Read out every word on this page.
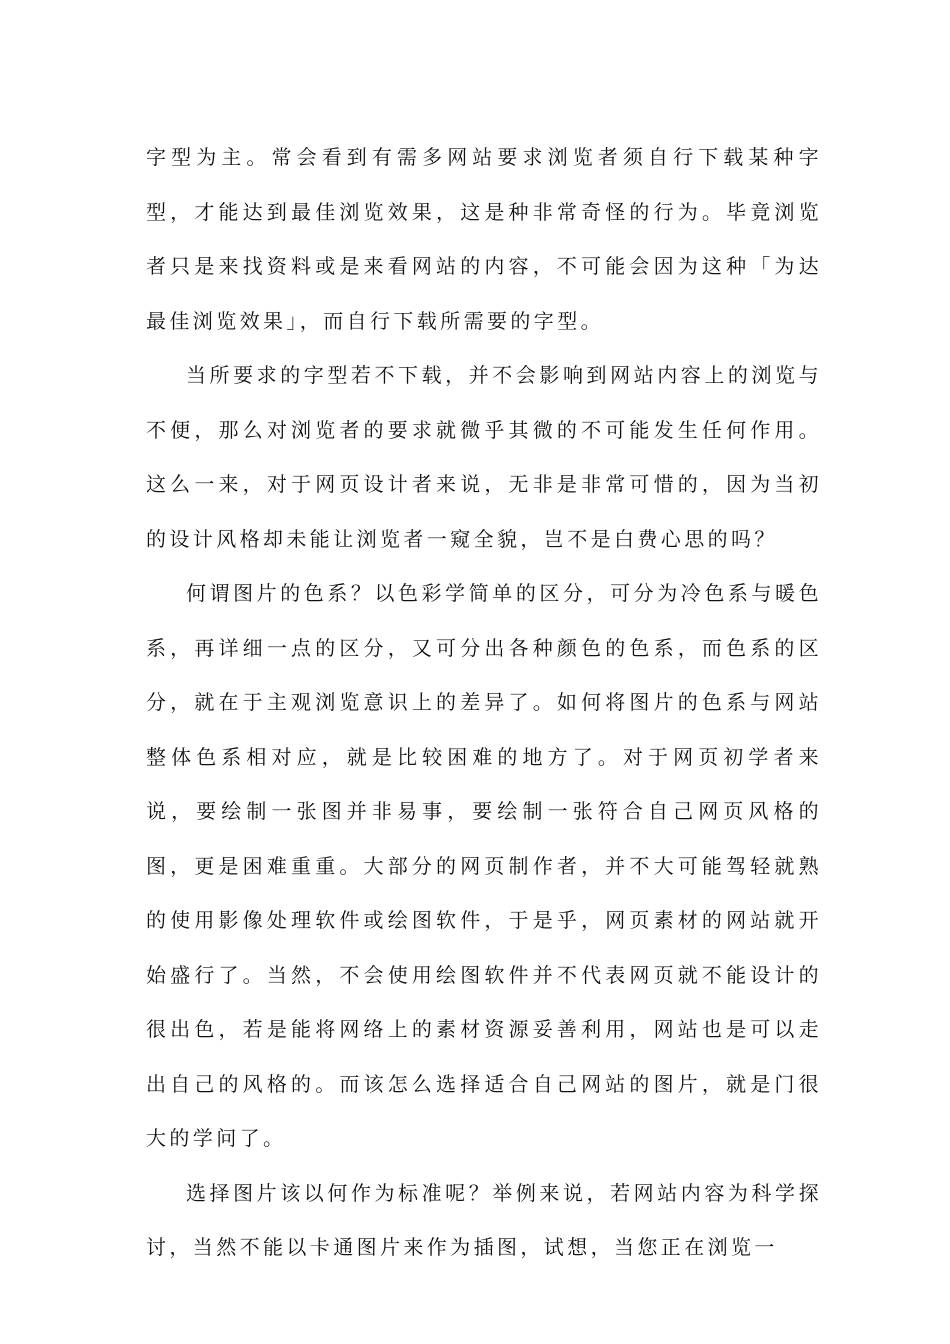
字型为主。常会看到有需多网站要求浏览者须自行下载某种字型，才能达到最佳浏览效果，这是种非常奇怪的行为。毕竟浏览者只是来找资料或是来看网站的内容，不可能会因为这种「为达最佳浏览效果」，而自行下载所需要的字型。

当所要求的字型若不下载，并不会影响到网站内容上的浏览与不便，那么对浏览者的要求就微乎其微的不可能发生任何作用。这么一来，对于网页设计者来说，无非是非常可惜的，因为当初的设计风格却未能让浏览者一窥全貌，岂不是白费心思的吗？

何谓图片的色系？以色彩学简单的区分，可分为冷色系与暖色系，再详细一点的区分，又可分出各种颜色的色系，而色系的区分，就在于主观浏览意识上的差异了。如何将图片的色系与网站整体色系相对应，就是比较困难的地方了。对于网页初学者来说，要绘制一张图并非易事，要绘制一张符合自己网页风格的图，更是困难重重。大部分的网页制作者，并不大可能驾轻就熟的使用影像处理软件或绘图软件，于是乎，网页素材的网站就开始盛行了。当然，不会使用绘图软件并不代表网页就不能设计的很出色，若是能将网络上的素材资源妥善利用，网站也是可以走出自己的风格的。而该怎么选择适合自己网站的图片，就是门很大的学问了。

选择图片该以何作为标准呢？举例来说，若网站内容为科学探讨，当然不能以卡通图片来作为插图，试想，当您正在浏览一
